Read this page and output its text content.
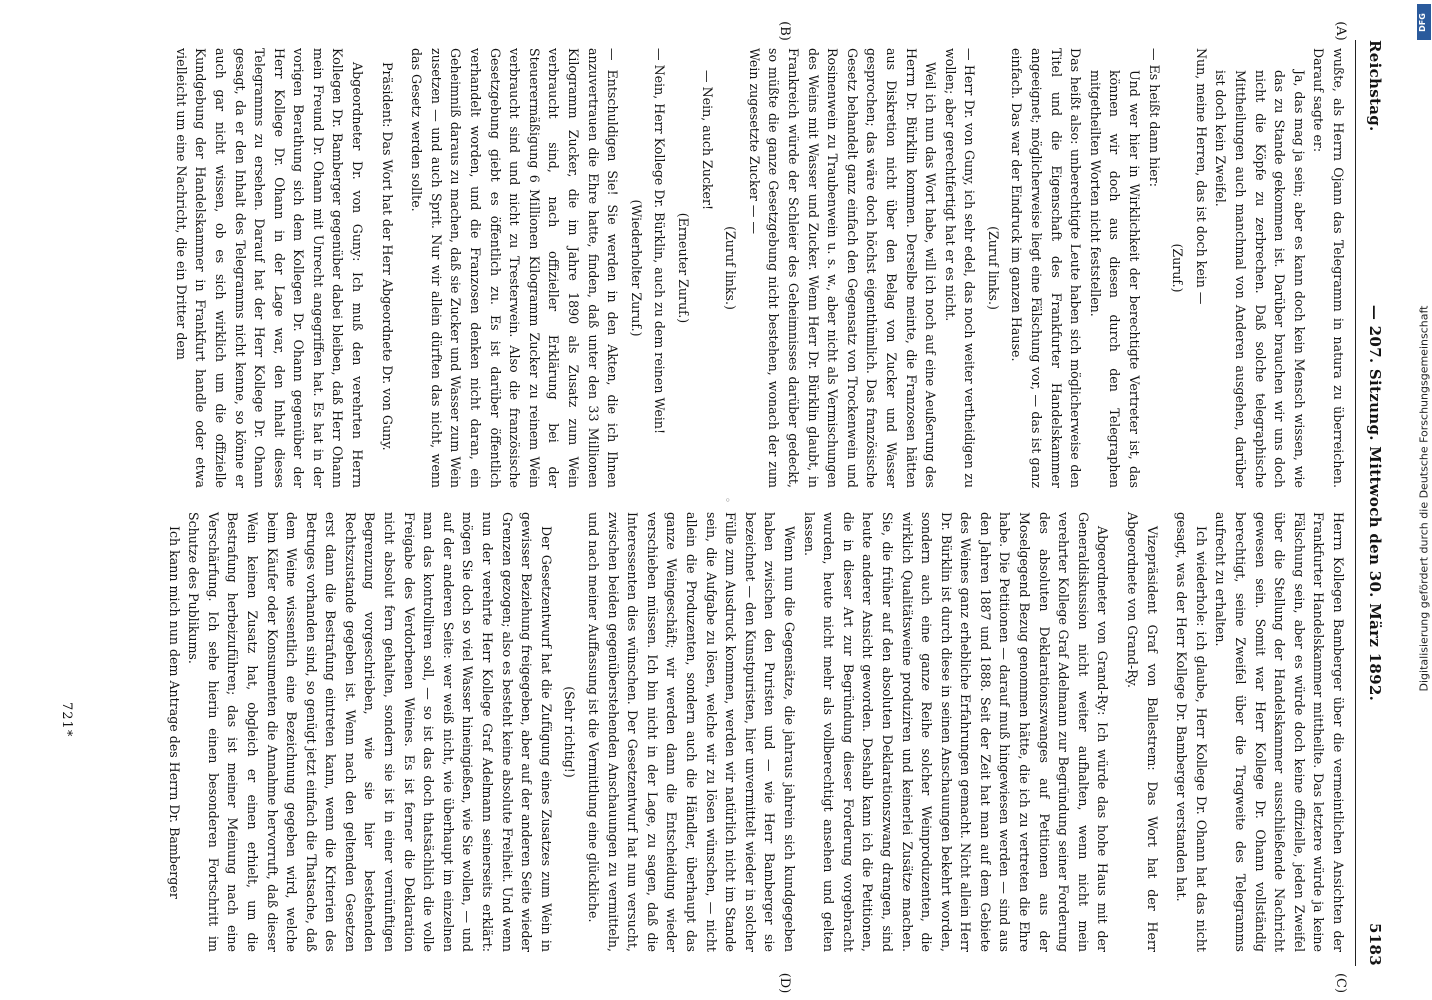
Reichstag.
— 207. Sitzung. Mittwoch den 30. März 1892.
5183
(A)
(B)
(C)
(D)

wußte, als Herrn Ojann das Telegramm in natura zu überreichen. Darauf sagte er:

Ja, das mag ja sein; aber es kann doch kein Mensch wissen, wie das zu Stande gekommen ist. Darüber brauchen wir uns doch nicht die Köpfe zu zerbrechen. Daß solche telegraphische Mittheilungen auch manchmal von Anderen ausgehen, darüber ist doch kein Zweifel.

Nun, meine Herren, das ist doch kein —

(Zuruf.)

— Es heißt dann hier:

Und wer hier in Wirklichkeit der berechtigte Vertreter ist, das können wir doch aus diesen durch den Telegraphen mitgetheilten Worten nicht feststellen.

Das heißt also: unberechtigte Leute haben sich möglicherweise den Titel und die Eigenschaft des Frankfurter Handelskammer angeeignet; möglicherweise liegt eine Fälschung vor, — das ist ganz einfach. Das war der Eindruck im ganzen Hause.

(Zuruf links.)

— Herr Dr. von Guny, ich sehr edel, das noch weiter vertheidigen zu wollen; aber gerechtfertigt hat er es nicht.

Weil ich nun das Wort habe, will ich noch auf eine Aeußerung des Herrn Dr. Bürklin kommen. Derselbe meinte, die Franzosen hätten aus Diskretion nicht über den Belag von Zucker und Wasser gesprochen; das wäre doch höchst eigenthümlich. Das französische Gesetz behandelt ganz einfach den Gegensatz von Trockenwein und Rosinenwein zu Traubenwein u. s. w., aber nicht als Vermischungen des Weins mit Wasser und Zucker. Wenn Herr Dr. Bürklin glaubt, in Frankreich würde der Schleier des Geheimnisses darüber gedeckt, so müßte die ganze Gesetzgebung nicht bestehen, wonach der zum Wein zugesetzte Zucker — —

(Zuruf links.)

— Nein, auch Zucker!

(Erneuter Zuruf.)

— Nein, Herr Kollege Dr. Bürklin, auch zu dem reinen Wein!

(Wiederholter Zuruf.)

— Entschuldigen Sie! Sie werden in den Akten, die ich Ihnen anzuvertrauen die Ehre hatte, finden, daß unter den 33 Millionen Kilogramm Zucker, die im Jahre 1890 als Zusatz zum Wein verbraucht sind, nach offizieller Erklärung bei der Steuerermäßigung 6 Millionen Kilogramm Zucker zu reinem Wein verbraucht sind und nicht zu Tresterwein. Also die französische Gesetzgebung giebt es öffentlich zu. Es ist darüber öffentlich verhandelt worden, und die Franzosen denken nicht daran, ein Geheimniß daraus zu machen, daß sie Zucker und Wasser zum Wein zusetzen — und auch Sprit. Nur wir allein dürften das nicht, wenn das Gesetz werden sollte.

Präsident: Das Wort hat der Herr Abgeordnete Dr. von Guny.

Abgeordneter Dr. von Guny: Ich muß den verehrten Herrn Kollegen Dr. Bamberger gegenüber dabei bleiben, daß Herr Ohann mein Freund Dr. Ohann mit Unrecht angegriffen hat. Es hat in der vorigen Berathung sich dem Kollegen Dr. Ohann gegenüber der Herr Kollege Dr. Ohann in der Lage war, den Inhalt dieses Telegramms zu ersehen. Darauf hat der Herr Kollege Dr. Ohann gesagt, da er den Inhalt des Telegramms nicht kenne, so könne er auch gar nicht wissen, ob es sich wirklich um die offizielle Kundgebung der Handelskammer in Frankfurt handle oder etwa vielleicht um eine Nachricht, die ein Dritter dem

◦

Herrn Kollegen Bamberger über die vermeintlichen Ansichten der Frankfurter Handelskammer mittheilte. Das letztere würde ja keine Fälschung sein, aber es würde doch keine offizielle, jeden Zweifel über die Stellung der Handelskammer ausschließende Nachricht gewesen sein. Somit war Herr Kollege Dr. Ohann vollständig berechtigt, seine Zweifel über die Tragweite des Telegramms aufrecht zu erhalten.

Ich wiederhole: ich glaube, Herr Kollege Dr. Ohann hat das nicht gesagt, was der Herr Kollege Dr. Bamberger verstanden hat.

Vizepräsident Graf von Ballestrem: Das Wort hat der Herr Abgeordnete von Grand-Ry.

Abgeordneter von Grand-Ry: Ich würde das hohe Haus mit der Generaldiskussion nicht weiter aufhalten, wenn nicht mein verehrter Kollege Graf Adelmann zur Begründung seiner Forderung des absoluten Deklarationszwanges auf Petitionen aus der Moselgegend Bezug genommen hätte, die ich zu vertreten die Ehre habe. Die Petitionen — darauf muß hingewiesen werden — sind aus den Jahren 1887 und 1888. Seit der Zeit hat man auf dem Gebiete des Weines ganz erhebliche Erfahrungen gemacht. Nicht allein Herr Dr. Bürklin ist durch diese in seinen Anschauungen bekehrt worden, sondern auch eine ganze Reihe solcher Weinproduzenten, die wirklich Qualitätsweine produziren und keinerlei Zusätze machen. Sie, die früher auf den absoluten Deklarationszwang drangen, sind heute anderer Ansicht geworden. Deshalb kann ich die Petitionen, die in dieser Art zur Begründung dieser Forderung vorgebracht wurden, heute nicht mehr als vollberechtigt ansehen und gelten lassen.

Wenn nun die Gegensätze, die jahraus jahrein sich kundgegeben haben zwischen den Puristen und — wie Herr Bamberger sie bezeichnet — den Kunstpuristen, hier unvermittelt wieder in solcher Fülle zum Ausdruck kommen, werden wir natürlich nicht im Stande sein, die Aufgabe zu lösen, welche wir zu lösen wünschen, — nicht allein die Produzenten, sondern auch die Händler, überhaupt das ganze Weingeschäft; wir werden dann die Entscheidung wieder verschieben müssen. Ich bin nicht in der Lage, zu sagen, daß die Interessenten dies wünschen. Der Gesetzentwurf hat nun versucht, zwischen beiden gegenüberstehenden Anschauungen zu vermitteln, und nach meiner Auffassung ist die Vermittlung eine glückliche.

(Sehr richtig!)

Der Gesetzentwurf hat die Zufügung eines Zusatzes zum Wein in gewisser Beziehung freigegeben, aber auf der anderen Seite wieder Grenzen gezogen; also es besteht keine absolute Freiheit. Und wenn nun der verehrte Herr Kollege Graf Adelmann seinerseits erklärt: mögen Sie doch so viel Wasser hineingießen, wie Sie wollen, — und auf der anderen Seite: wer weiß nicht, wie überhaupt im einzelnen man das kontrolliren soll, — so ist das doch thatsächlich die volle Freigabe des Verdorbenen Weines. Es ist ferner die Deklaration nicht absolut fern gehalten, sondern sie ist in einer vernünftigen Begrenzung vorgeschrieben, wie sie hier bestehenden Rechtszustande gegeben ist. Wenn nach den geltenden Gesetzen erst dann die Bestrafung eintreten kann, wenn die Kriterien des Betruges vorhanden sind, so genügt jetzt einfach die Thatsache, daß dem Weine wissentlich eine Bezeichnung gegeben wird, welche beim Käufer oder Konsumenten die Annahme hervorruft, daß dieser Wein keinen Zusatz hat, obgleich er einen erhielt, um die Bestrafung herbeizuführen; das ist meiner Meinung nach eine Verschärfung. Ich sehe hierin einen besonderen Fortschritt im Schutze des Publikums.

Ich kann mich nun dem Antrage des Herrn Dr. Bamberger

721*
Digitalisierung gefördert durch die Deutsche Forschungsgemeinschaft
DFG
